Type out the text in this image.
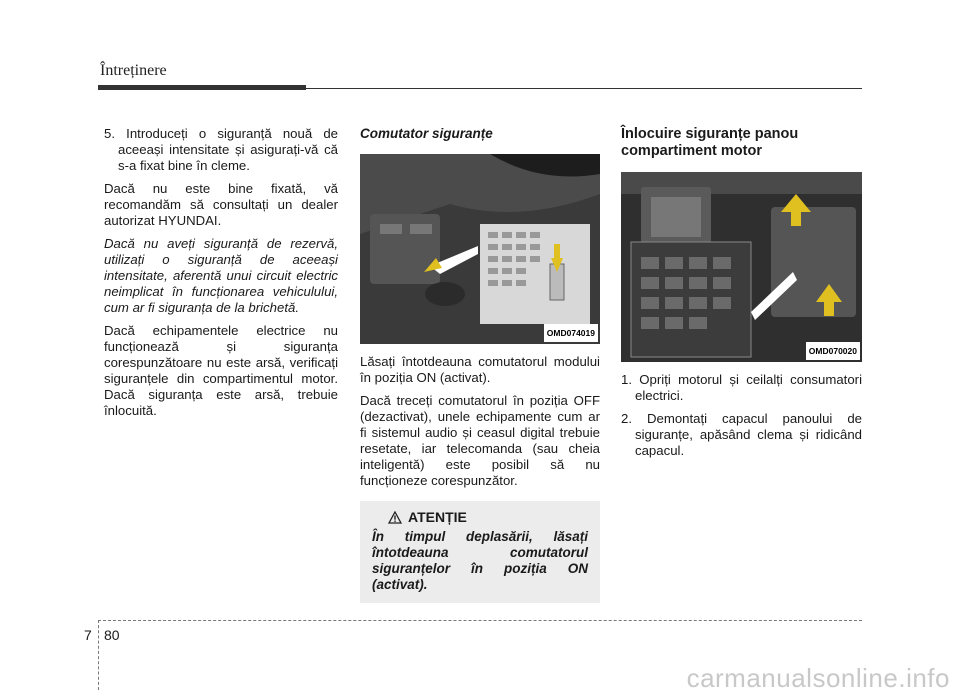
Întreținere

5. Introduceți o siguranță nouă de aceeași intensitate și asigurați-vă că s-a fixat bine în cleme.

Dacă nu este bine fixată, vă recomandăm să consultați un dealer autorizat HYUNDAI.

Dacă nu aveți siguranță de rezervă, utilizați o siguranță de aceeași intensitate, aferentă unui circuit electric neimplicat în funcționarea vehiculului, cum ar fi siguranța de la brichetă.

Dacă echipamentele electrice nu funcționează și siguranța corespunzătoare nu este arsă, verificați siguranțele din compartimentul motor. Dacă siguranța este arsă, trebuie înlocuită.

Comutator siguranțe
OMD074019

Lăsați întotdeauna comutatorul modului în poziția ON (activat).

Dacă treceți comutatorul în poziția OFF (dezactivat), unele echipamente cum ar fi sistemul audio și ceasul digital trebuie resetate, iar telecomanda (sau cheia inteligentă) este posibil să nu funcționeze corespunzător.

ATENȚIE
În timpul deplasării, lăsați întotdeauna comutatorul siguranțelor în poziția ON (activat).
Înlocuire siguranțe panou compartiment motor
OMD070020

1. Opriți motorul și ceilalți consumatori electrici.

2. Demontați capacul panoului de siguranțe, apăsând clema și ridicând capacul.

7 80
carmanualsonline.info
